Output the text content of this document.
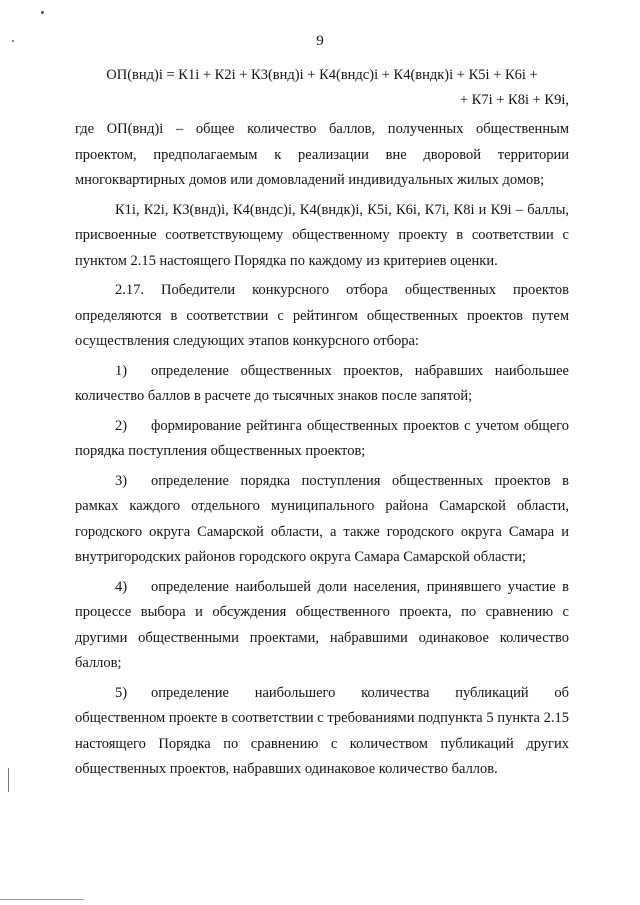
9
ОП(внд)i = К1i + К2i + К3(внд)i + К4(вндс)i + К4(вндк)i + К5i + К6i +
+ К7i + К8i + К9i,

где ОП(внд)i – общее количество баллов, полученных общественным проектом, предполагаемым к реализации вне дворовой территории многоквартирных домов или домовладений индивидуальных жилых домов;

К1i, К2i, К3(внд)i, К4(вндс)i, К4(вндк)i, К5i, К6i, К7i, К8i и К9i – баллы, присвоенные соответствующему общественному проекту в соответствии с пунктом 2.15 настоящего Порядка по каждому из критериев оценки.

2.17. Победители конкурсного отбора общественных проектов определяются в соответствии с рейтингом общественных проектов путем осуществления следующих этапов конкурсного отбора:

1) определение общественных проектов, набравших наибольшее количество баллов в расчете до тысячных знаков после запятой;

2) формирование рейтинга общественных проектов с учетом общего порядка поступления общественных проектов;

3) определение порядка поступления общественных проектов в рамках каждого отдельного муниципального района Самарской области, городского округа Самарской области, а также городского округа Самара и внутригородских районов городского округа Самара Самарской области;

4) определение наибольшей доли населения, принявшего участие в процессе выбора и обсуждения общественного проекта, по сравнению с другими общественными проектами, набравшими одинаковое количество баллов;

5) определение наибольшего количества публикаций об общественном проекте в соответствии с требованиями подпункта 5 пункта 2.15 настоящего Порядка по сравнению с количеством публикаций других общественных проектов, набравших одинаковое количество баллов.
